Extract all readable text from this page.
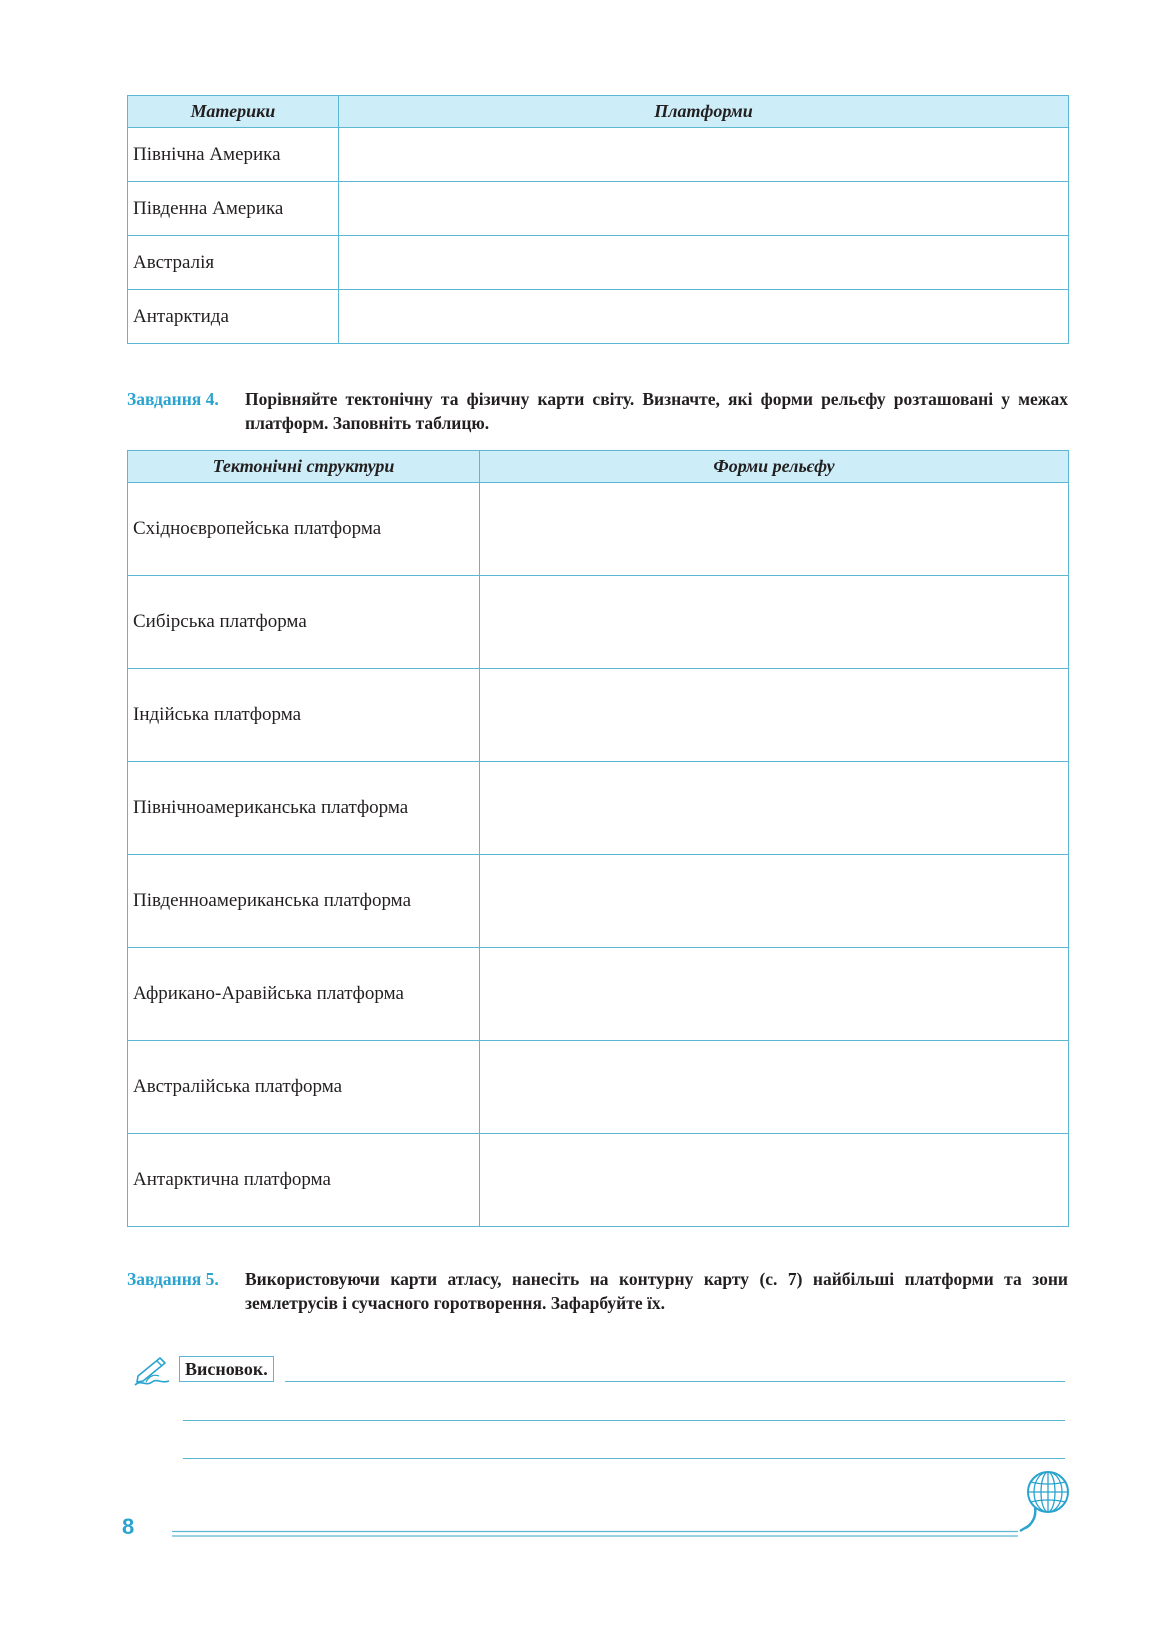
Материки	Платформи
Північна Америка	
Південна Америка	
Австралія	
Антарктида	
Завдання 4. Порівняйте тектонічну та фізичну карти світу. Визначте, які форми рельєфу розташовані у межах платформ. Заповніть таблицю.
Тектонічні структури	Форми рельєфу
Східноєвропейська платформа	
Сибірська платформа	
Індійська платформа	
Північноамериканська платформа	
Південноамериканська платформа	
Африкано-Аравійська платформа	
Австралійська платформа	
Антарктична платформа	
Завдання 5. Використовуючи карти атласу, нанесіть на контурну карту (с. 7) найбільші платформи та зони землетрусів і сучасного горотворення. Зафарбуйте їх.
Висновок.
8
